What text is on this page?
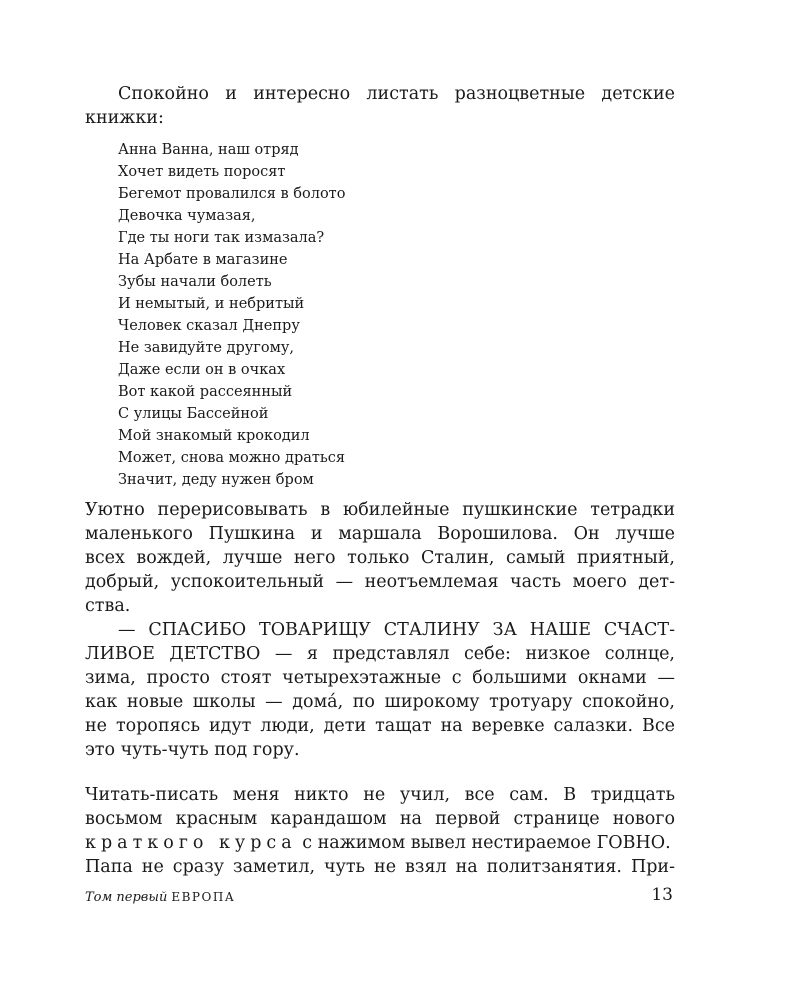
Спокойно и интересно листать разноцветные детские

книжки:

Анна Ванна, наш отряд

Хочет видеть поросят

Бегемот провалился в болото

Девочка чумазая,

Где ты ноги так измазала?

На Арбате в магазине

Зубы начали болеть

И немытый, и небритый

Человек сказал Днепру

Не завидуйте другому,

Даже если он в очках

Вот какой рассеянный

С улицы Бассейной

Мой знакомый крокодил

Может, снова можно драться

Значит, деду нужен бром

Уютно перерисовывать в юбилейные пушкинские тетрадки

маленького Пушкина и маршала Ворошилова. Он лучше

всех вождей, лучше него только Сталин, самый приятный,

добрый, успокоительный — неотъемлемая часть моего дет-

ства.

— СПАСИБО ТОВАРИЩУ СТАЛИНУ ЗА НАШЕ СЧАСТ-

ЛИВОЕ ДЕТСТВО — я представлял себе: низкое солнце,

зима, просто стоят четырехэтажные с большими окнами —

как новые школы — домá, по широкому тротуару спокойно,

не торопясь идут люди, дети тащат на веревке салазки. Все

это чуть-чуть под гору.

Читать-писать меня никто не учил, все сам. В тридцать

восьмом красным карандашом на первой странице нового

краткого курса с нажимом вывел нестираемое ГОВНО.

Папа не сразу заметил, чуть не взял на политзанятия. При-

Том первый ЕВРОПА	13
